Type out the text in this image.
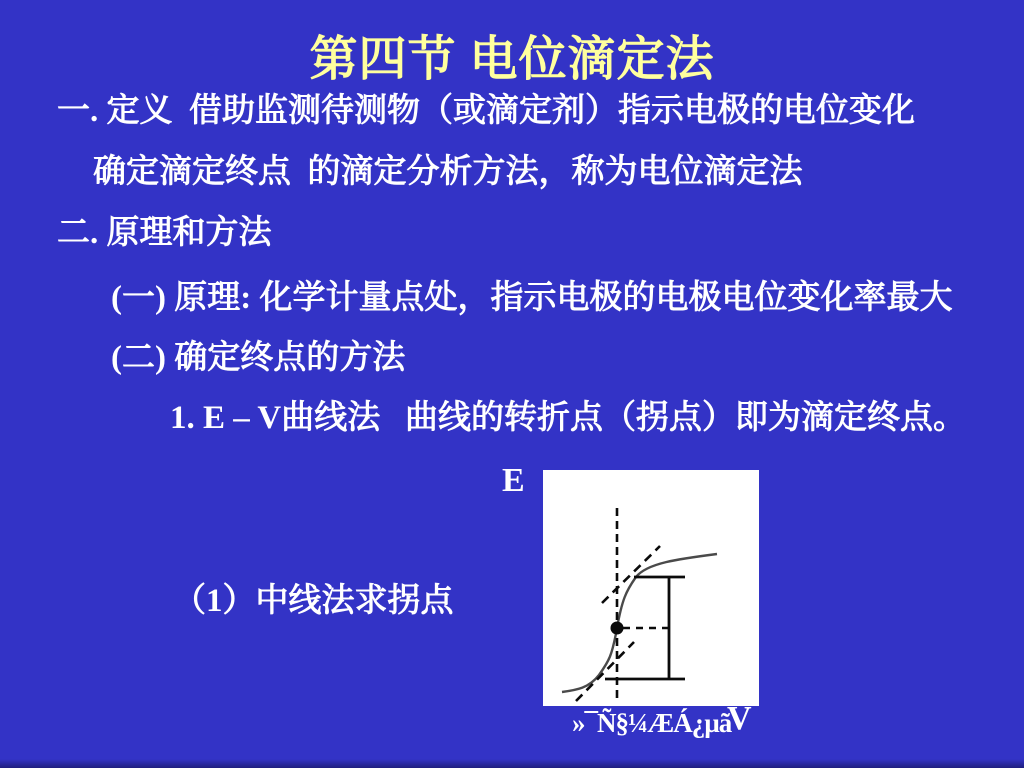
第四节 电位滴定法
一. 定义  借助监测待测物（或滴定剂）指示电极的电位变化
确定滴定终点  的滴定分析方法，称为电位滴定法
二. 原理和方法
(一) 原理: 化学计量点处，指示电极的电极电位变化率最大
(二) 确定终点的方法
1. E – V曲线法   曲线的转折点（拐点）即为滴定终点。
（1）中线法求拐点
E
V
»¯Ñ§¼ÆÁ¿µã
